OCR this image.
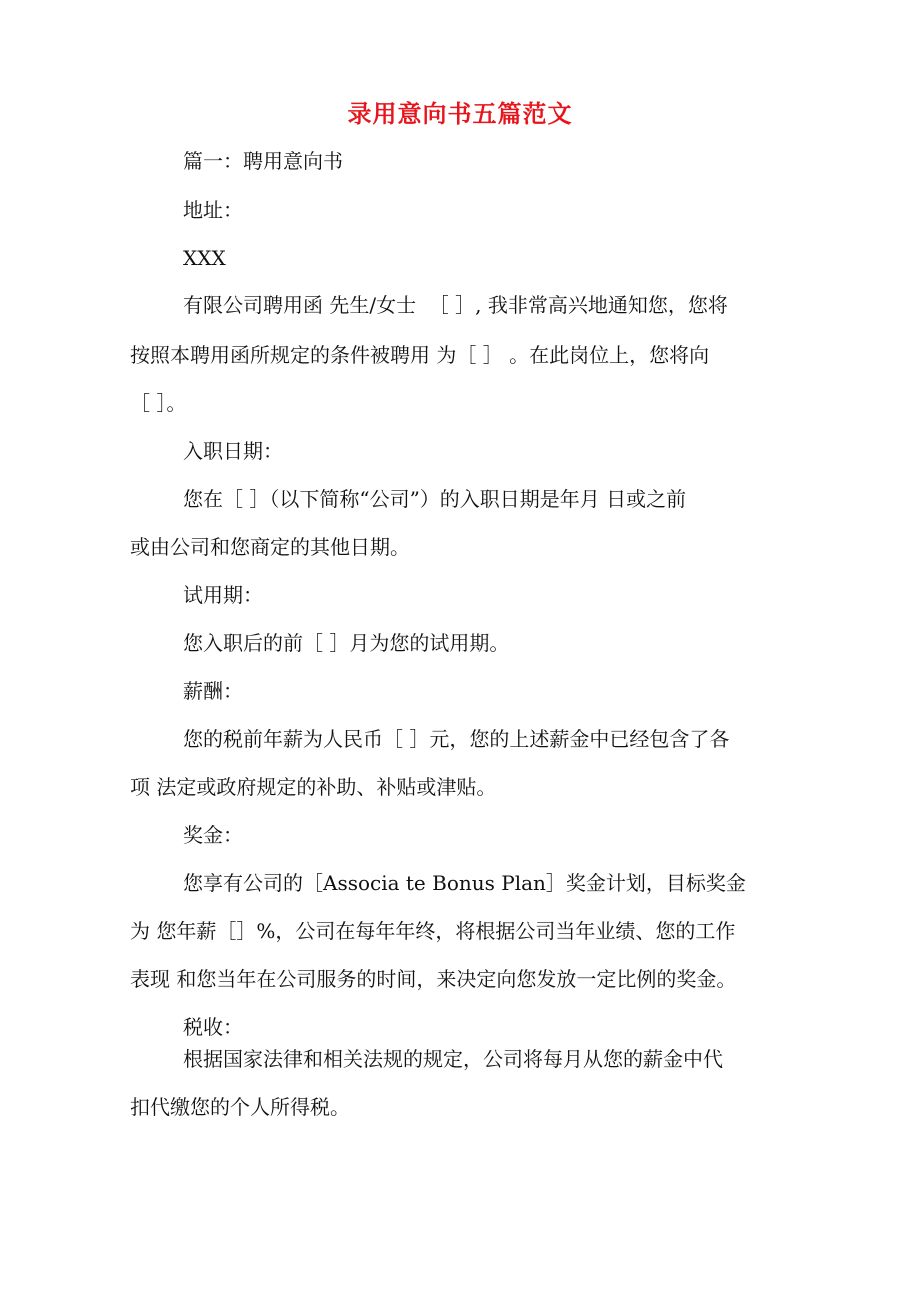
录用意向书五篇范文
篇一：聘用意向书
地址：
XXX
有限公司聘用函 先生/女士  ［ ］, 我非常高兴地通知您，您将
按照本聘用函所规定的条件被聘用 为［ ］ 。在此岗位上，您将向
［ ］。
入职日期：
您在［ ］（以下简称“公司”）的入职日期是年月 日或之前
或由公司和您商定的其他日期。
试用期：
您入职后的前［ ］月为您的试用期。
薪酬：
您的税前年薪为人民币［ ］元，您的上述薪金中已经包含了各
项 法定或政府规定的补助、补贴或津贴。
奖金：
您享有公司的［Associa te Bonus Plan］奖金计划，目标奖金
为 您年薪［］%，公司在每年年终，将根据公司当年业绩、您的工作
表现 和您当年在公司服务的时间，来决定向您发放一定比例的奖金。
税收：
根据国家法律和相关法规的规定，公司将每月从您的薪金中代
扣代缴您的个人所得税。
